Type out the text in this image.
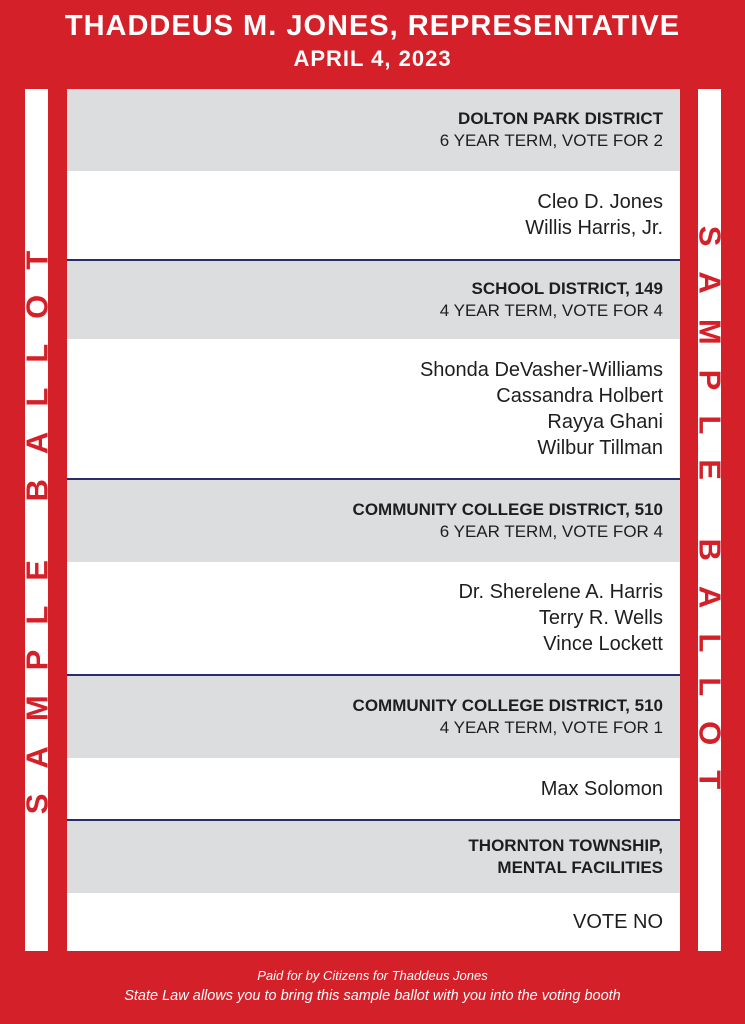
THADDEUS M. JONES, REPRESENTATIVE
APRIL 4, 2023
SAMPLE BALLOT	SAMPLE BALLOT
DOLTON PARK DISTRICT
6 YEAR TERM, VOTE FOR 2
Cleo D. Jones
Willis Harris, Jr.
SCHOOL DISTRICT, 149
4 YEAR TERM, VOTE FOR 4
Shonda DeVasher-Williams
Cassandra Holbert
Rayya Ghani
Wilbur Tillman
COMMUNITY COLLEGE DISTRICT, 510
6 YEAR TERM, VOTE FOR 4
Dr. Sherelene A. Harris
Terry R. Wells
Vince Lockett
COMMUNITY COLLEGE DISTRICT, 510
4 YEAR TERM, VOTE FOR 1
Max Solomon
THORNTON TOWNSHIP,
MENTAL FACILITIES
VOTE NO
Paid for by Citizens for Thaddeus Jones
State Law allows you to bring this sample ballot with you into the voting booth
